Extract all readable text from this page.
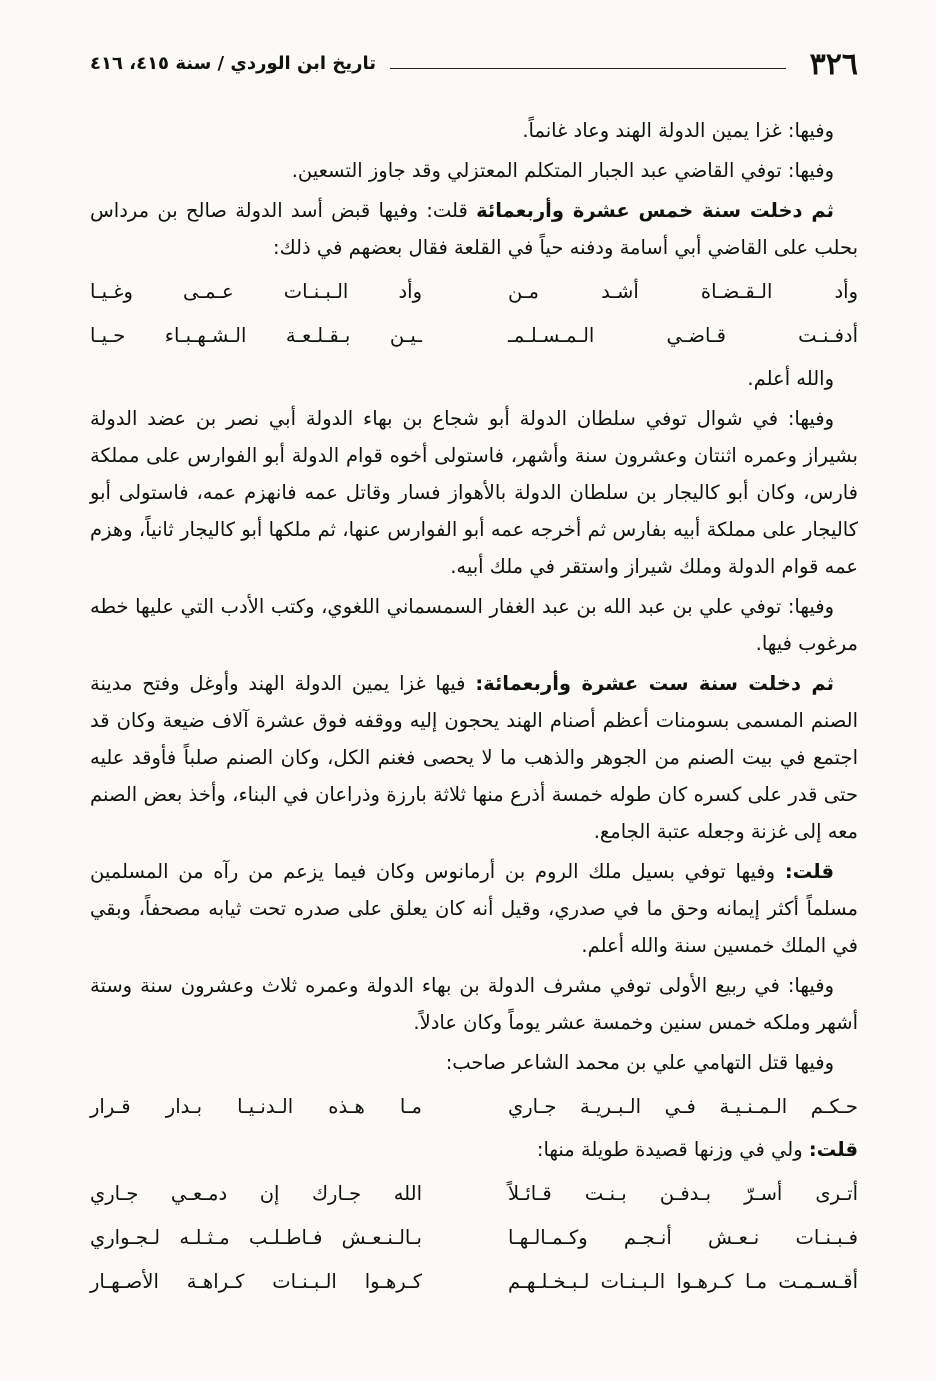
٣٢٦
تاريخ ابن الوردي / سنة ٤١٥، ٤١٦

وفيها: غزا يمين الدولة الهند وعاد غانماً.

وفيها: توفي القاضي عبد الجبار المتكلم المعتزلي وقد جاوز التسعين.

ثم دخلت سنة خمس عشرة وأربعمائة قلت: وفيها قبض أسد الدولة صالح بن مرداس بحلب على القاضي أبي أسامة ودفنه حياً في القلعة فقال بعضهم في ذلك:

وأد الـقـضـاة أشـد مـن	وأد الـبـنـات عـمـى وغـيـا
أدفـنـت قـاضـي الـمـسـلـمـ	ـيـن بـقـلـعـة الـشـهـبـاء حـيـا

والله أعلم.

وفيها: في شوال توفي سلطان الدولة أبو شجاع بن بهاء الدولة أبي نصر بن عضد الدولة بشيراز وعمره اثنتان وعشرون سنة وأشهر، فاستولى أخوه قوام الدولة أبو الفوارس على مملكة فارس، وكان أبو كاليجار بن سلطان الدولة بالأهواز فسار وقاتل عمه فانهزم عمه، فاستولى أبو كاليجار على مملكة أبيه بفارس ثم أخرجه عمه أبو الفوارس عنها، ثم ملكها أبو كاليجار ثانياً، وهزم عمه قوام الدولة وملك شيراز واستقر في ملك أبيه.

وفيها: توفي علي بن عبد الله بن عبد الغفار السمسماني اللغوي، وكتب الأدب التي عليها خطه مرغوب فيها.

ثم دخلت سنة ست عشرة وأربعمائة: فيها غزا يمين الدولة الهند وأوغل وفتح مدينة الصنم المسمى بسومنات أعظم أصنام الهند يحجون إليه ووقفه فوق عشرة آلاف ضيعة وكان قد اجتمع في بيت الصنم من الجوهر والذهب ما لا يحصى فغنم الكل، وكان الصنم صلباً فأوقد عليه حتى قدر على كسره كان طوله خمسة أذرع منها ثلاثة بارزة وذراعان في البناء، وأخذ بعض الصنم معه إلى غزنة وجعله عتبة الجامع.

قلت: وفيها توفي بسيل ملك الروم بن أرمانوس وكان فيما يزعم من رآه من المسلمين مسلماً أكثر إيمانه وحق ما في صدري، وقيل أنه كان يعلق على صدره تحت ثيابه مصحفاً، وبقي في الملك خمسين سنة والله أعلم.

وفيها: في ربيع الأولى توفي مشرف الدولة بن بهاء الدولة وعمره ثلاث وعشرون سنة وستة أشهر وملكه خمس سنين وخمسة عشر يوماً وكان عادلاً.

وفيها قتل التهامي علي بن محمد الشاعر صاحب:

حـكـم الـمـنـيـة فـي الـبـريـة جـاري	مـا هـذه الـدنـيـا بـدار قـرار

قلت: ولي في وزنها قصيدة طويلة منها:

أتـرى أسـرّ بـدفـن بـنـت قـائـلاً	الله جـارك إن دمـعـي جـاري
فـبـنـات نـعـش أنـجـم وكـمـالـهـا	بـالـنـعـش فـاطـلـب مـثـلـه لـجـواري
أقـسـمـت مـا كـرهـوا الـبـنـات لـبـخـلـهـم	كـرهـوا الـبـنـات كـراهـة الأصـهـار
